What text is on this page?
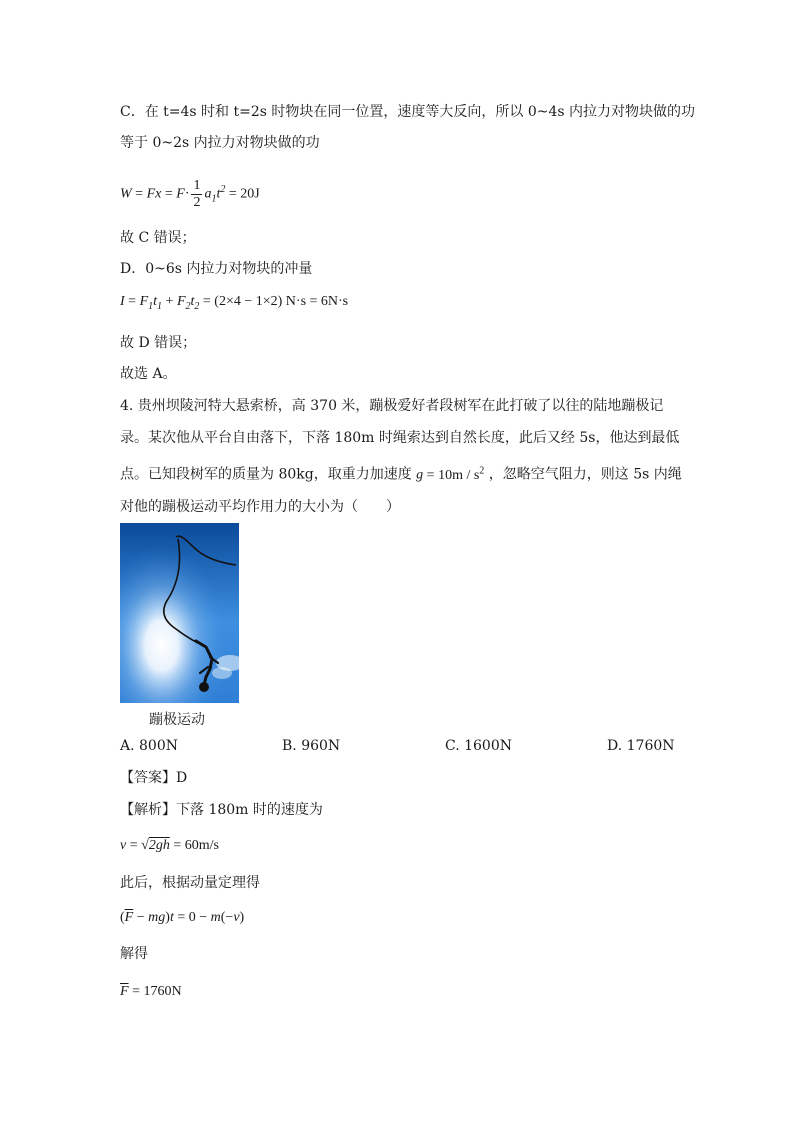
C．在 t=4s 时和 t=2s 时物块在同一位置，速度等大反向，所以 0~4s 内拉力对物块做的功
等于 0~2s 内拉力对物块做的功
$W = Fx = F\cdot \frac{1}{2} a_1t^2 = 20J$
故 C 错误；
D．0~6s 内拉力对物块的冲量
$I = F_1t_1 + F_2t_2 = (2\times 4 - 1\times 2) N\cdot s = 6N\cdot s$
故 D 错误；
故选 A。
4. 贵州坝陵河特大悬索桥，高 370 米，蹦极爱好者段树军在此打破了以往的陆地蹦极记
录。某次他从平台自由落下，下落 180m 时绳索达到自然长度，此后又经 5s，他达到最低
点。已知段树军的质量为 80kg，取重力加速度 $g = 10m / s^2$ ，忽略空气阻力，则这 5s 内绳
对他的蹦极运动平均作用力的大小为（　　）
蹦极运动
A. 800N	B. 960N	C. 1600N	D. 1760N
【答案】D
【解析】下落 180m 时的速度为
v = √2gh = 60m/s
此后，根据动量定理得
$(\overline{F} - mg)t = 0 - m(-v)$
解得
$\overline{F} = 1760N$
